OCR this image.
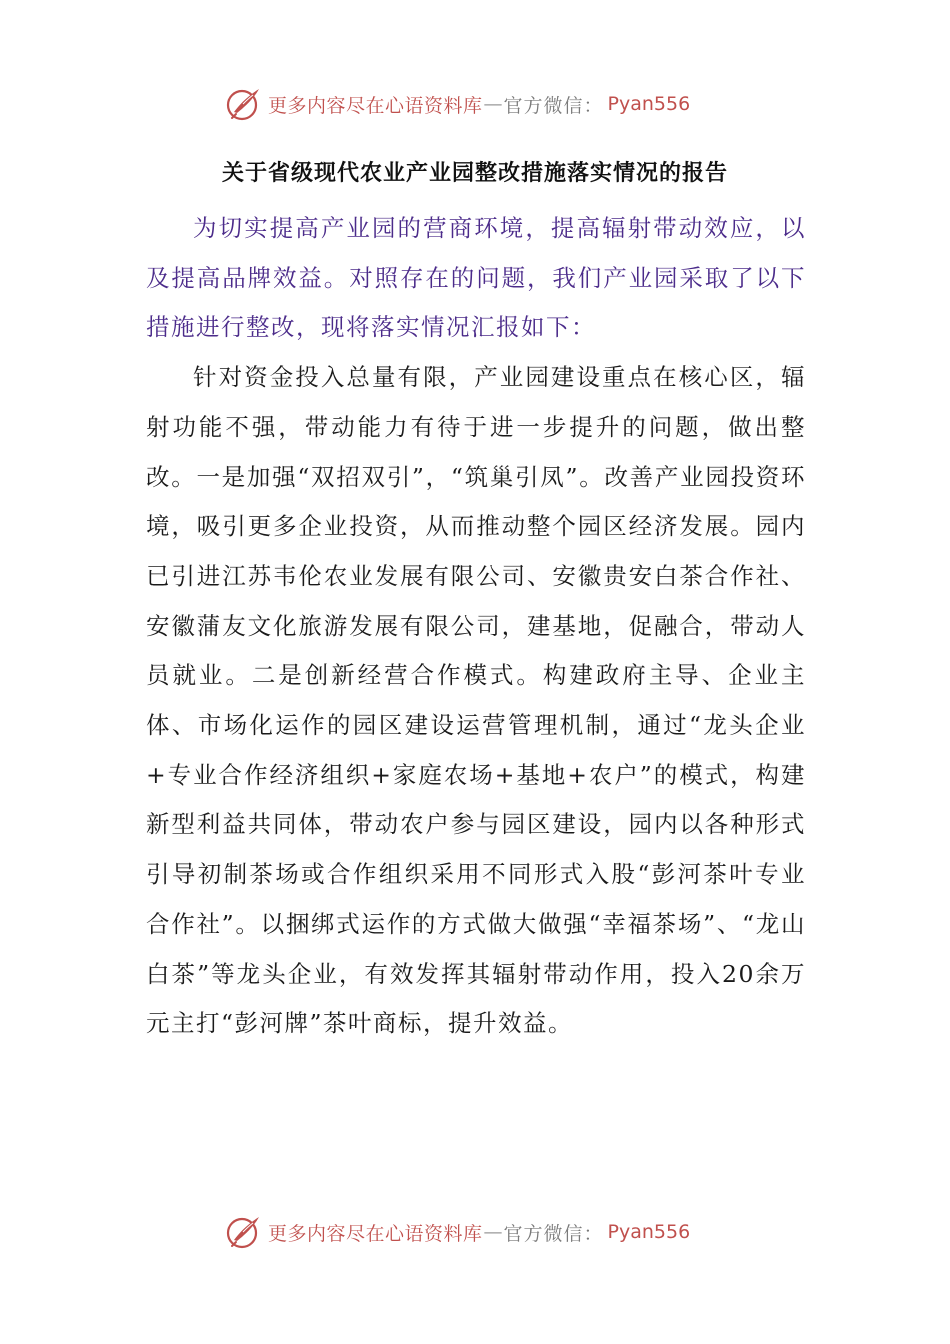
更多内容尽在心语资料库 — 官方微信： Pyan556
关于省级现代农业产业园整改措施落实情况的报告

为切实提高产业园的营商环境，提高辐射带动效应，以及提高品牌效益。对照存在的问题，我们产业园采取了以下措施进行整改，现将落实情况汇报如下：

针对资金投入总量有限，产业园建设重点在核心区，辐射功能不强，带动能力有待于进一步提升的问题，做出整改。一是加强“双招双引”，“筑巢引凤”。改善产业园投资环境，吸引更多企业投资，从而推动整个园区经济发展。园内已引进江苏韦伦农业发展有限公司、安徽贵安白茶合作社、安徽蒲友文化旅游发展有限公司，建基地，促融合，带动人员就业。二是创新经营合作模式。构建政府主导、企业主体、市场化运作的园区建设运营管理机制，通过“龙头企业+专业合作经济组织+家庭农场+基地+农户”的模式，构建新型利益共同体，带动农户参与园区建设，园内以各种形式引导初制茶场或合作组织采用不同形式入股“彭河茶叶专业合作社”。以捆绑式运作的方式做大做强“幸福茶场”、“龙山白茶”等龙头企业，有效发挥其辐射带动作用，投入20余万元主打“彭河牌”茶叶商标，提升效益。

更多内容尽在心语资料库 — 官方微信： Pyan556
